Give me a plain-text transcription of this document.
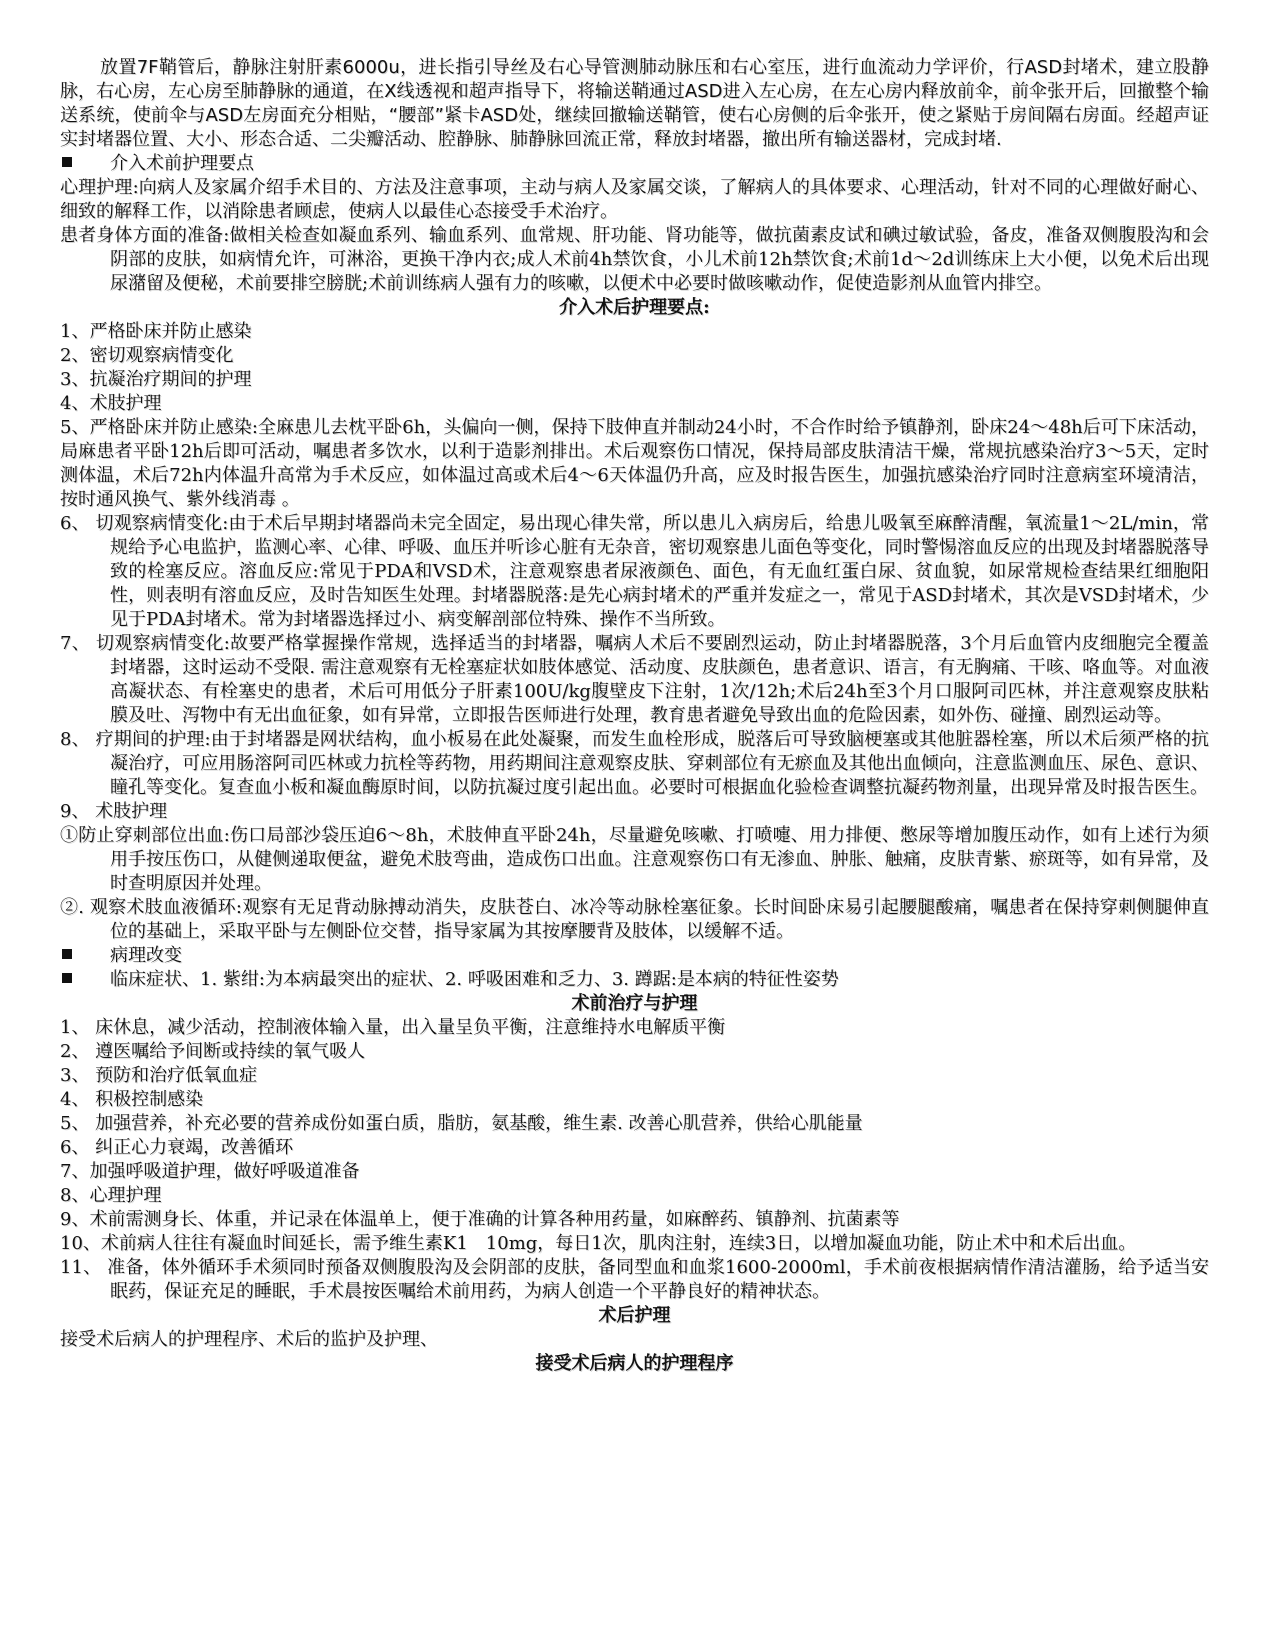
放置7F鞘管后，静脉注射肝素6000u，进长指引导丝及右心导管测肺动脉压和右心室压，进行血流动力学评价，行ASD封堵术，建立股静脉，右心房，左心房至肺静脉的通道，在X线透视和超声指导下，将输送鞘通过ASD进入左心房，在左心房内释放前伞，前伞张开后，回撤整个输送系统，使前伞与ASD左房面充分相贴，“腰部”紧卡ASD处，继续回撤输送鞘管，使右心房侧的后伞张开，使之紧贴于房间隔右房面。经超声证实封堵器位置、大小、形态合适、二尖瓣活动、腔静脉、肺静脉回流正常，释放封堵器，撤出所有输送器材，完成封堵.

介入术前护理要点

心理护理:向病人及家属介绍手术目的、方法及注意事项，主动与病人及家属交谈，了解病人的具体要求、心理活动，针对不同的心理做好耐心、细致的解释工作，以消除患者顾虑，使病人以最佳心态接受手术治疗。

患者身体方面的准备:做相关检查如凝血系列、输血系列、血常规、肝功能、肾功能等，做抗菌素皮试和碘过敏试验，备皮，准备双侧腹股沟和会阴部的皮肤，如病情允许，可淋浴，更换干净内衣;成人术前4h禁饮食，小儿术前12h禁饮食;术前1d～2d训练床上大小便，以免术后出现尿潴留及便秘，术前要排空膀胱;术前训练病人强有力的咳嗽，以便术中必要时做咳嗽动作，促使造影剂从血管内排空。

介入术后护理要点:

1、严格卧床并防止感染

2、密切观察病情变化

3、抗凝治疗期间的护理

4、术肢护理

5、严格卧床并防止感染:全麻患儿去枕平卧6h，头偏向一侧，保持下肢伸直并制动24小时，不合作时给予镇静剂，卧床24～48h后可下床活动，局麻患者平卧12h后即可活动，嘱患者多饮水，以利于造影剂排出。术后观察伤口情况，保持局部皮肤清洁干燥，常规抗感染治疗3～5天，定时测体温，术后72h内体温升高常为手术反应，如体温过高或术后4～6天体温仍升高，应及时报告医生，加强抗感染治疗同时注意病室环境清洁，按时通风换气、紫外线消毒 。

6、 切观察病情变化:由于术后早期封堵器尚未完全固定，易出现心律失常，所以患儿入病房后，给患儿吸氧至麻醉清醒，氧流量1～2L/min，常规给予心电监护，监测心率、心律、呼吸、血压并听诊心脏有无杂音，密切观察患儿面色等变化，同时警惕溶血反应的出现及封堵器脱落导致的栓塞反应。溶血反应:常见于PDA和VSD术，注意观察患者尿液颜色、面色，有无血红蛋白尿、贫血貌，如尿常规检查结果红细胞阳性，则表明有溶血反应，及时告知医生处理。封堵器脱落:是先心病封堵术的严重并发症之一，常见于ASD封堵术，其次是VSD封堵术，少见于PDA封堵术。常为封堵器选择过小、病变解剖部位特殊、操作不当所致。

7、 切观察病情变化:故要严格掌握操作常规，选择适当的封堵器，嘱病人术后不要剧烈运动，防止封堵器脱落，3个月后血管内皮细胞完全覆盖封堵器，这时运动不受限. 需注意观察有无栓塞症状如肢体感觉、活动度、皮肤颜色，患者意识、语言，有无胸痛、干咳、咯血等。对血液高凝状态、有栓塞史的患者，术后可用低分子肝素100U/kg腹壁皮下注射，1次/12h;术后24h至3个月口服阿司匹林，并注意观察皮肤粘膜及吐、泻物中有无出血征象，如有异常，立即报告医师进行处理，教育患者避免导致出血的危险因素，如外伤、碰撞、剧烈运动等。

8、 疗期间的护理:由于封堵器是网状结构，血小板易在此处凝聚，而发生血栓形成，脱落后可导致脑梗塞或其他脏器栓塞，所以术后须严格的抗凝治疗，可应用肠溶阿司匹林或力抗栓等药物，用药期间注意观察皮肤、穿刺部位有无瘀血及其他出血倾向，注意监测血压、尿色、意识、瞳孔等变化。复查血小板和凝血酶原时间，以防抗凝过度引起出血。必要时可根据血化验检查调整抗凝药物剂量，出现异常及时报告医生。

9、 术肢护理

①防止穿刺部位出血:伤口局部沙袋压迫6～8h，术肢伸直平卧24h，尽量避免咳嗽、打喷嚏、用力排便、憋尿等增加腹压动作，如有上述行为须用手按压伤口，从健侧递取便盆，避免术肢弯曲，造成伤口出血。注意观察伤口有无渗血、肿胀、触痛，皮肤青紫、瘀斑等，如有异常，及时查明原因并处理。

②. 观察术肢血液循环:观察有无足背动脉搏动消失，皮肤苍白、冰冷等动脉栓塞征象。长时间卧床易引起腰腿酸痛，嘱患者在保持穿刺侧腿伸直位的基础上，采取平卧与左侧卧位交替，指导家属为其按摩腰背及肢体，以缓解不适。

病理改变
临床症状、1. 紫绀:为本病最突出的症状、2. 呼吸困难和乏力、3. 蹲踞:是本病的特征性姿势

术前治疗与护理

1、 床休息，减少活动，控制液体输入量，出入量呈负平衡，注意维持水电解质平衡

2、 遵医嘱给予间断或持续的氧气吸人

3、 预防和治疗低氧血症

4、 积极控制感染

5、 加强营养，补充必要的营养成份如蛋白质，脂肪，氨基酸，维生素. 改善心肌营养，供给心肌能量

6、 纠正心力衰竭，改善循环

7、加强呼吸道护理，做好呼吸道准备

8、心理护理

9、术前需测身长、体重，并记录在体温单上，便于准确的计算各种用药量，如麻醉药、镇静剂、抗菌素等

10、术前病人往往有凝血时间延长，需予维生素K1　10mg，每日1次，肌肉注射，连续3日，以增加凝血功能，防止术中和术后出血。

11、 准备，体外循环手术须同时预备双侧腹股沟及会阴部的皮肤，备同型血和血浆1600-2000ml，手术前夜根据病情作清洁灌肠，给予适当安眠药，保证充足的睡眠，手术晨按医嘱给术前用药，为病人创造一个平静良好的精神状态。

术后护理

接受术后病人的护理程序、术后的监护及护理、

接受术后病人的护理程序
